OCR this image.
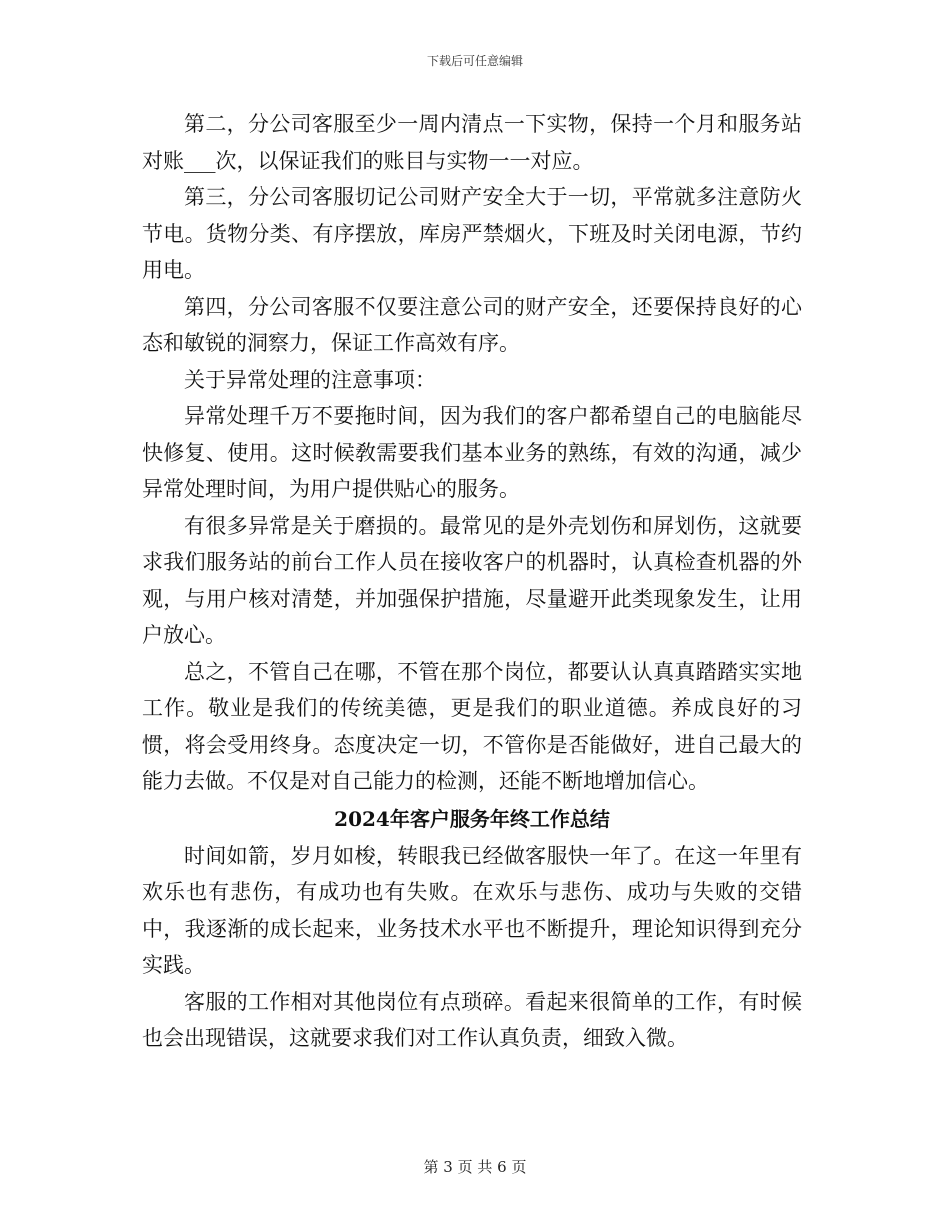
下载后可任意编辑

第二，分公司客服至少一周内清点一下实物，保持一个月和服务站对账___次，以保证我们的账目与实物一一对应。

第三，分公司客服切记公司财产安全大于一切，平常就多注意防火节电。货物分类、有序摆放，库房严禁烟火，下班及时关闭电源，节约用电。

第四，分公司客服不仅要注意公司的财产安全，还要保持良好的心态和敏锐的洞察力，保证工作高效有序。

关于异常处理的注意事项：

异常处理千万不要拖时间，因为我们的客户都希望自己的电脑能尽快修复、使用。这时候敎需要我们基本业务的熟练，有效的沟通，减少异常处理时间，为用户提供贴心的服务。

有很多异常是关于磨损的。最常见的是外壳划伤和屏划伤，这就要求我们服务站的前台工作人员在接收客户的机器时，认真检查机器的外观，与用户核对清楚，并加强保护措施，尽量避开此类现象发生，让用户放心。

总之，不管自己在哪，不管在那个岗位，都要认认真真踏踏实实地工作。敬业是我们的传统美德，更是我们的职业道德。养成良好的习惯，将会受用终身。态度决定一切，不管你是否能做好，进自己最大的能力去做。不仅是对自己能力的检测，还能不断地增加信心。

2024年客户服务年终工作总结

时间如箭，岁月如梭，转眼我已经做客服快一年了。在这一年里有欢乐也有悲伤，有成功也有失败。在欢乐与悲伤、成功与失败的交错中，我逐渐的成长起来，业务技术水平也不断提升，理论知识得到充分实践。

客服的工作相对其他岗位有点琐碎。看起来很简单的工作，有时候也会出现错误，这就要求我们对工作认真负责，细致入微。

第 3 页 共 6 页
